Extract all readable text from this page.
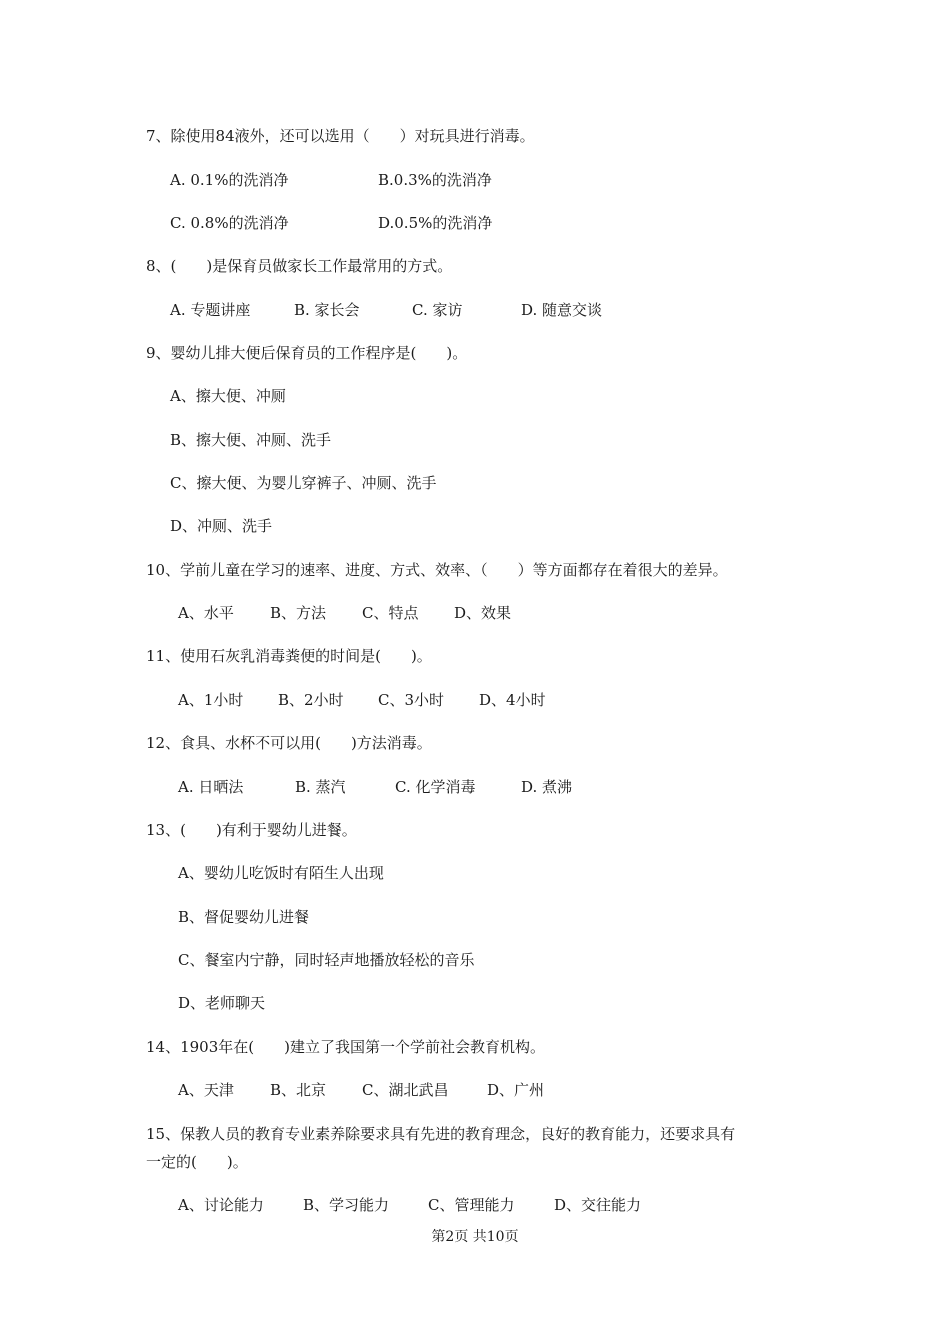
7、除使用84液外，还可以选用（　　）对玩具进行消毒。
A. 0.1%的洗消净	B.0.3%的洗消净
C. 0.8%的洗消净	D.0.5%的洗消净
8、(　　)是保育员做家长工作最常用的方式。
A. 专题讲座	B. 家长会	C. 家访	D. 随意交谈
9、婴幼儿排大便后保育员的工作程序是(　　)。
A、擦大便、冲厕
B、擦大便、冲厕、洗手
C、擦大便、为婴儿穿裤子、冲厕、洗手
D、冲厕、洗手
10、学前儿童在学习的速率、进度、方式、效率、（　　）等方面都存在着很大的差异。
A、水平 B、方法 C、特点 D、效果
11、使用石灰乳消毒粪便的时间是(　　)。
A、1小时 B、2小时 C、3小时 D、4小时
12、食具、水杯不可以用(　　)方法消毒。
A. 日晒法	B. 蒸汽	C. 化学消毒	D. 煮沸
13、(　　)有利于婴幼儿进餐。
A、婴幼儿吃饭时有陌生人出现
B、督促婴幼儿进餐
C、餐室内宁静，同时轻声地播放轻松的音乐
D、老师聊天
14、1903年在(　　)建立了我国第一个学前社会教育机构。
A、天津 B、北京 C、湖北武昌	D、广州
15、保教人员的教育专业素养除要求具有先进的教育理念，良好的教育能力，还要求具有
一定的(　　)。
A、讨论能力	B、学习能力	C、管理能力	D、交往能力
第2页 共10页
